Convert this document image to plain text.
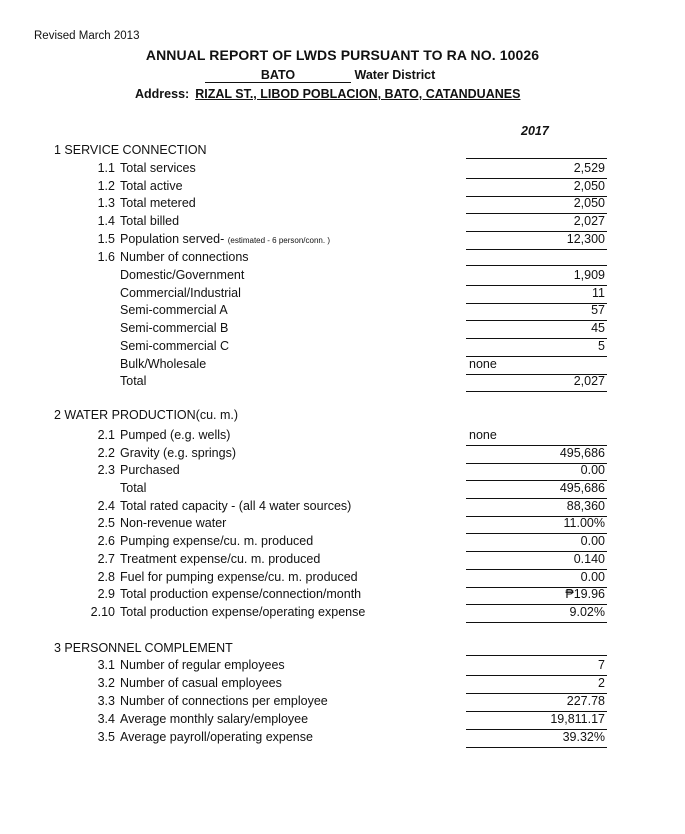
Revised March 2013
ANNUAL REPORT OF LWDS PURSUANT TO RA NO. 10026
BATO	Water District
Address: RIZAL ST., LIBOD POBLACION, BATO, CATANDUANES
2017
1 SERVICE CONNECTION
1.1 Total services	2,529
1.2 Total active	2,050
1.3 Total metered	2,050
1.4 Total billed	2,027
1.5 Population served- (estimated - 6 person/conn. )	12,300
1.6 Number of connections
Domestic/Government	1,909
Commercial/Industrial	11
Semi-commercial A	57
Semi-commercial B	45
Semi-commercial C	5
Bulk/Wholesale	none
Total	2,027
2 WATER PRODUCTION(cu. m.)
2.1 Pumped (e.g. wells)	none
2.2 Gravity (e.g. springs)	495,686
2.3 Purchased	0.00
Total	495,686
2.4 Total rated capacity - (all 4 water sources)	88,360
2.5 Non-revenue water	11.00%
2.6 Pumping expense/cu. m. produced	0.00
2.7 Treatment expense/cu. m. produced	0.140
2.8 Fuel for pumping expense/cu. m. produced	0.00
2.9 Total production expense/connection/month	₱19.96
2.10 Total production expense/operating expense	9.02%
3 PERSONNEL COMPLEMENT
3.1 Number of regular employees	7
3.2 Number of casual employees	2
3.3 Number of connections per employee	227.78
3.4 Average monthly salary/employee	19,811.17
3.5 Average payroll/operating expense	39.32%
